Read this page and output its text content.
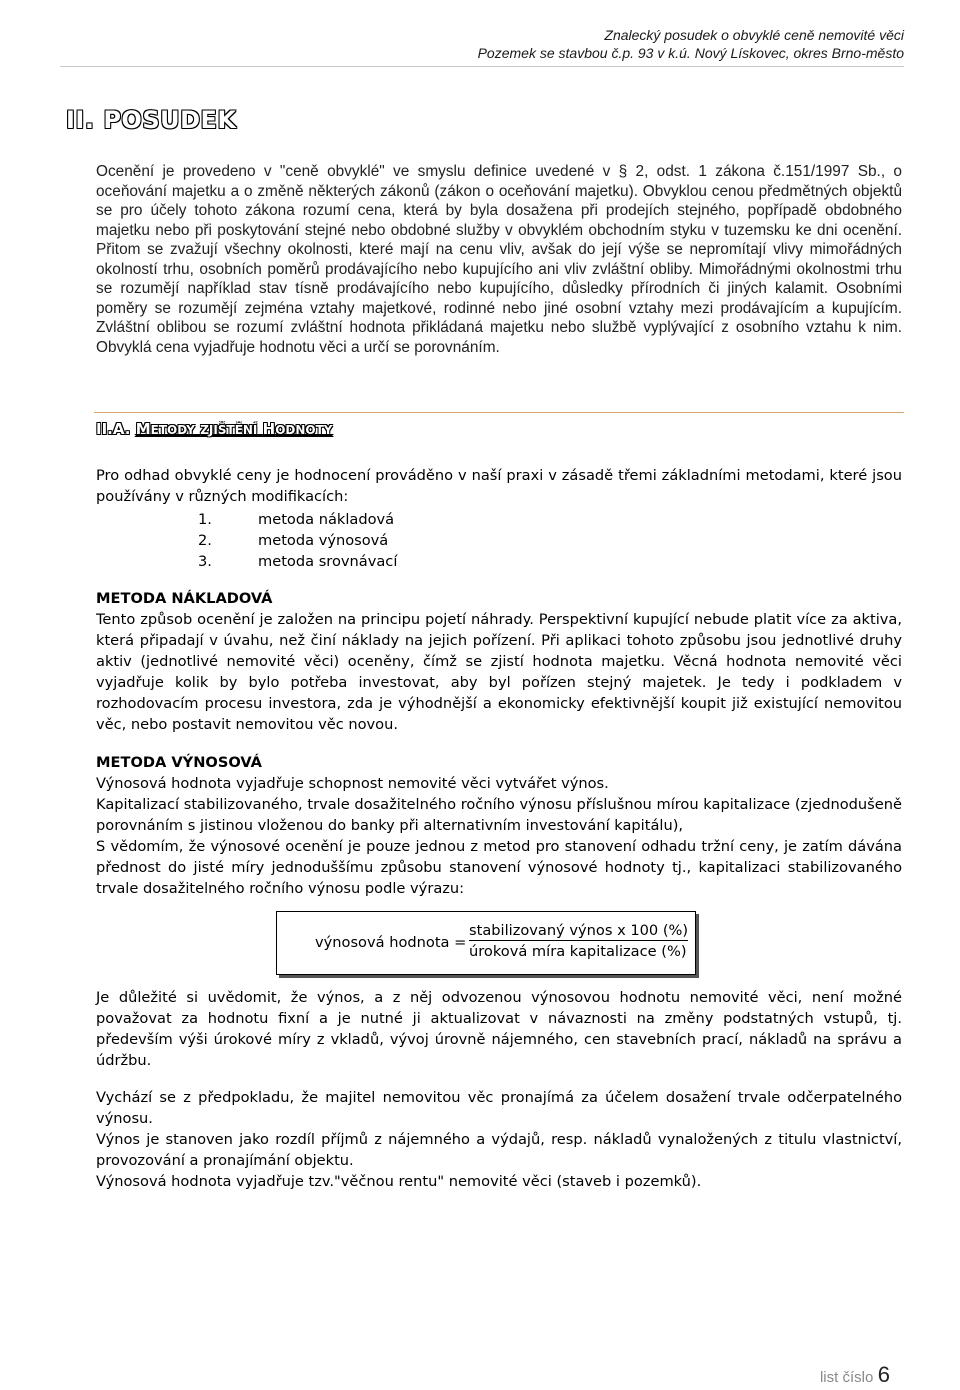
Znalecký posudek o obvyklé ceně nemovité věci
Pozemek se stavbou č.p. 93 v k.ú. Nový Lískovec, okres Brno-město
II. POSUDEK

Ocenění je provedeno v "ceně obvyklé" ve smyslu definice uvedené v § 2, odst. 1 zákona č.151/1997 Sb., o oceňování majetku a o změně některých zákonů (zákon o oceňování majetku). Obvyklou cenou předmětných objektů se pro účely tohoto zákona rozumí cena, která by byla dosažena při prodejích stejného, popřípadě obdobného majetku nebo při poskytování stejné nebo obdobné služby v obvyklém obchodním styku v tuzemsku ke dni ocenění. Přitom se zvažují všechny okolnosti, které mají na cenu vliv, avšak do její výše se nepromítají vlivy mimořádných okolností trhu, osobních poměrů prodávajícího nebo kupujícího ani vliv zvláštní obliby. Mimořádnými okolnostmi trhu se rozumějí například stav tísně prodávajícího nebo kupujícího, důsledky přírodních či jiných kalamit. Osobními poměry se rozumějí zejména vztahy majetkové, rodinné nebo jiné osobní vztahy mezi prodávajícím a kupujícím. Zvláštní oblibou se rozumí zvláštní hodnota přikládaná majetku nebo službě vyplývající z osobního vztahu k nim. Obvyklá cena vyjadřuje hodnotu věci a určí se porovnáním.

II.A. METODY ZJIŠTĚNÍ HODNOTY

Pro odhad obvyklé ceny je hodnocení prováděno v naší praxi v zásadě třemi základními metodami, které jsou používány v různých modifikacích:

1.	metoda nákladová
2.	metoda výnosová
3.	metoda srovnávací
METODA NÁKLADOVÁ

Tento způsob ocenění je založen na principu pojetí náhrady. Perspektivní kupující nebude platit více za aktiva, která připadají v úvahu, než činí náklady na jejich pořízení. Při aplikaci tohoto způsobu jsou jednotlivé druhy aktiv (jednotlivé nemovité věci) oceněny, čímž se zjistí hodnota majetku. Věcná hodnota nemovité věci vyjadřuje kolik by bylo potřeba investovat, aby byl pořízen stejný majetek. Je tedy i podkladem v rozhodovacím procesu investora, zda je výhodnější a ekonomicky efektivnější koupit již existující nemovitou věc, nebo postavit nemovitou věc novou.

METODA VÝNOSOVÁ

Výnosová hodnota vyjadřuje schopnost nemovité věci vytvářet výnos.

Kapitalizací stabilizovaného, trvale dosažitelného ročního výnosu příslušnou mírou kapitalizace (zjednodušeně porovnáním s jistinou vloženou do banky při alternativním investování kapitálu),

S vědomím, že výnosové ocenění je pouze jednou z metod pro stanovení odhadu tržní ceny, je zatím dávána přednost do jisté míry jednoduššímu způsobu stanovení výnosové hodnoty tj., kapitalizaci stabilizovaného trvale dosažitelného ročního výnosu podle výrazu:

výnosová hodnota =
stabilizovaný výnos x 100 (%)
úroková míra kapitalizace (%)

Je důležité si uvědomit, že výnos, a z něj odvozenou výnosovou hodnotu nemovité věci, není možné považovat za hodnotu fixní a je nutné ji aktualizovat v návaznosti na změny podstatných vstupů, tj. především výši úrokové míry z vkladů, vývoj úrovně nájemného, cen stavebních prací, nákladů na správu a údržbu.

Vychází se z předpokladu, že majitel nemovitou věc pronajímá za účelem dosažení trvale odčerpatelného výnosu.

Výnos je stanoven jako rozdíl příjmů z nájemného a výdajů, resp. nákladů vynaložených z titulu vlastnictví, provozování a pronajímání objektu.

Výnosová hodnota vyjadřuje tzv."věčnou rentu" nemovité věci (staveb i pozemků).

list číslo 6
